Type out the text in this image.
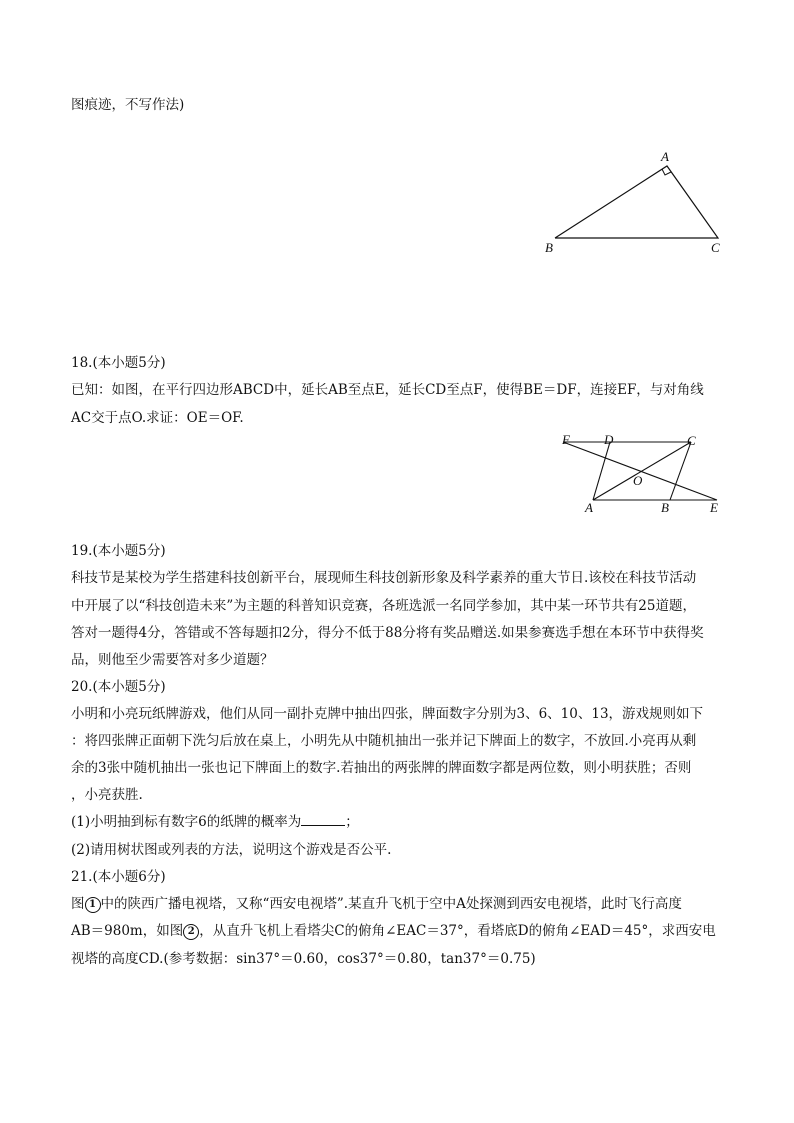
图痕迹，不写作法)
A
B	C
18.(本小题5分)
已知：如图，在平行四边形ABCD中，延长AB至点E，延长CD至点F，使得BE＝DF，连接EF，与对角线
AC交于点O.求证：OE＝OF.
F	D	C
O
A	B	E
19.(本小题5分)
科技节是某校为学生搭建科技创新平台，展现师生科技创新形象及科学素养的重大节日.该校在科技节活动
中开展了以“科技创造未来”为主题的科普知识竞赛，各班选派一名同学参加，其中某一环节共有25道题，
答对一题得4分，答错或不答每题扣2分，得分不低于88分将有奖品赠送.如果参赛选手想在本环节中获得奖
品，则他至少需要答对多少道题？
20.(本小题5分)
小明和小亮玩纸牌游戏，他们从同一副扑克牌中抽出四张，牌面数字分别为3、6、10、13，游戏规则如下
：将四张牌正面朝下洗匀后放在桌上，小明先从中随机抽出一张并记下牌面上的数字，不放回.小亮再从剩
余的3张中随机抽出一张也记下牌面上的数字.若抽出的两张牌的牌面数字都是两位数，则小明获胜；否则
，小亮获胜.
(1)小明抽到标有数字6的纸牌的概率为	；
(2)请用树状图或列表的方法，说明这个游戏是否公平.
21.(本小题6分)
图 1 中的陕西广播电视塔，又称“西安电视塔”.某直升飞机于空中A处探测到西安电视塔，此时飞行高度
AB＝980m，如图 2 ，从直升飞机上看塔尖C的俯角∠EAC＝37°，看塔底D的俯角∠EAD＝45°，求西安电
视塔的高度CD.(参考数据：sin37°＝0.60，cos37°＝0.80，tan37°＝0.75)
